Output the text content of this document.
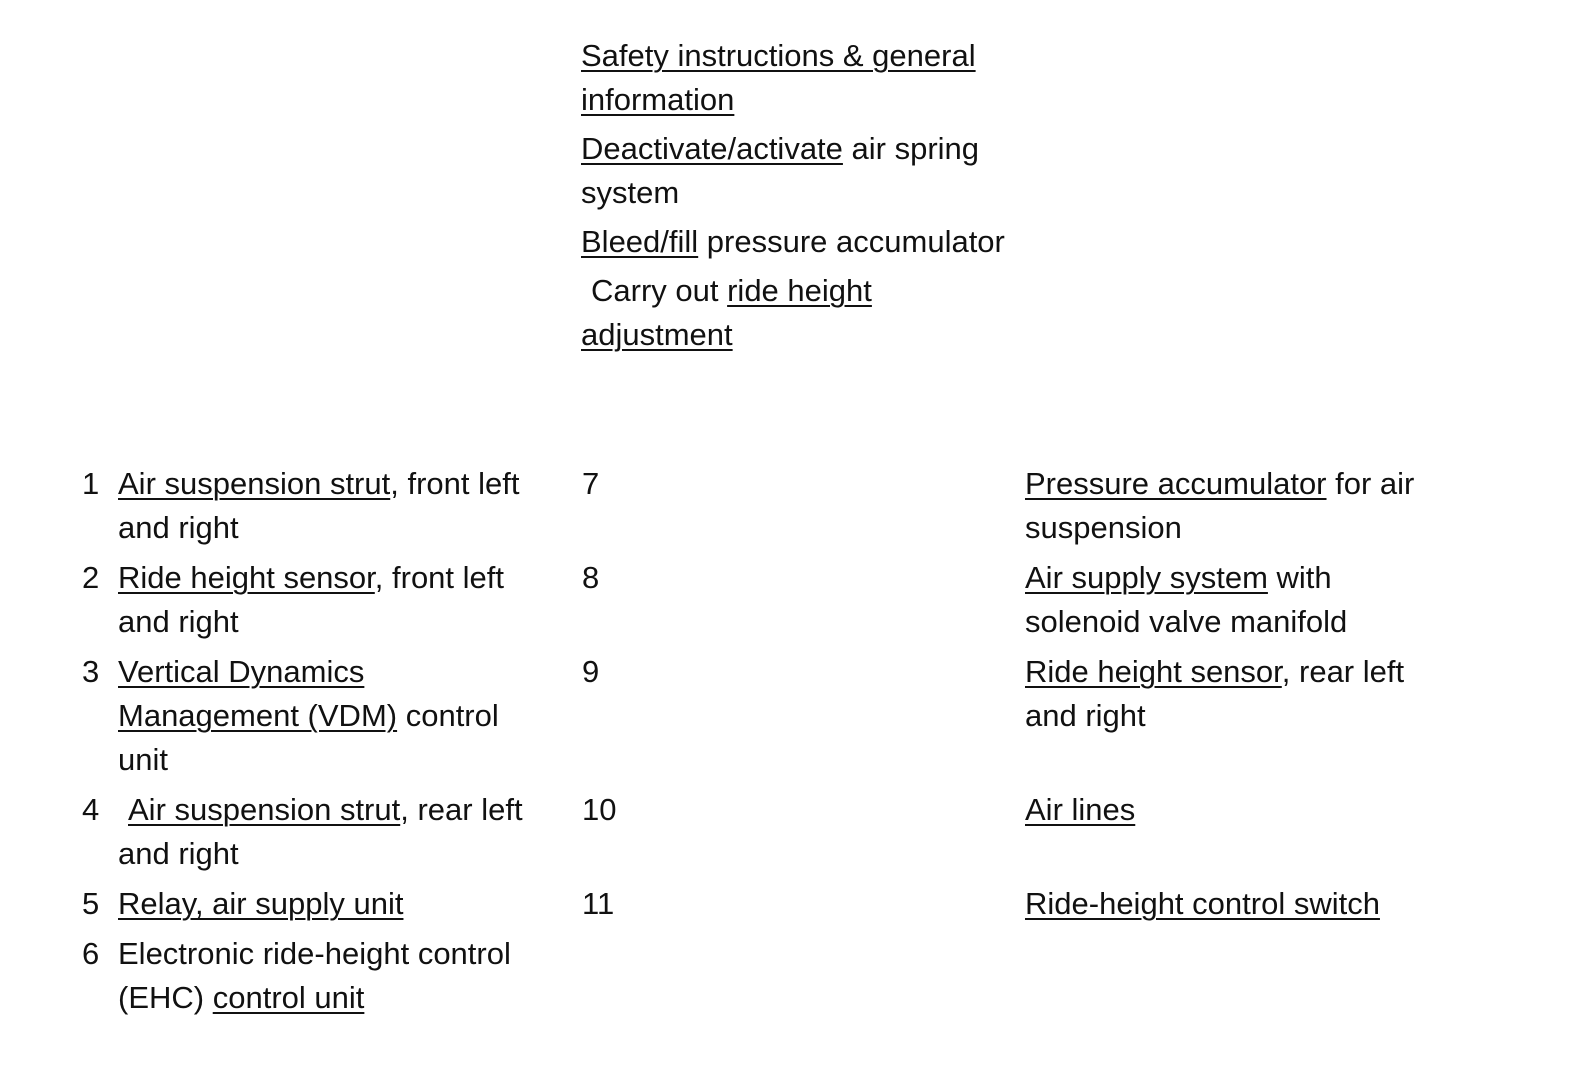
Safety instructions & general information
Deactivate/activate air spring system
Bleed/fill pressure accumulator
Carry out ride height adjustment
1 Air suspension strut, front left and right
2 Ride height sensor, front left and right
3 Vertical Dynamics Management (VDM) control unit
4 Air suspension strut, rear left and right
5 Relay, air supply unit
6 Electronic ride-height control (EHC) control unit
7	Pressure accumulator for air suspension
8	Air supply system with solenoid valve manifold
9	Ride height sensor, rear left and right
10	Air lines
11	Ride-height control switch
